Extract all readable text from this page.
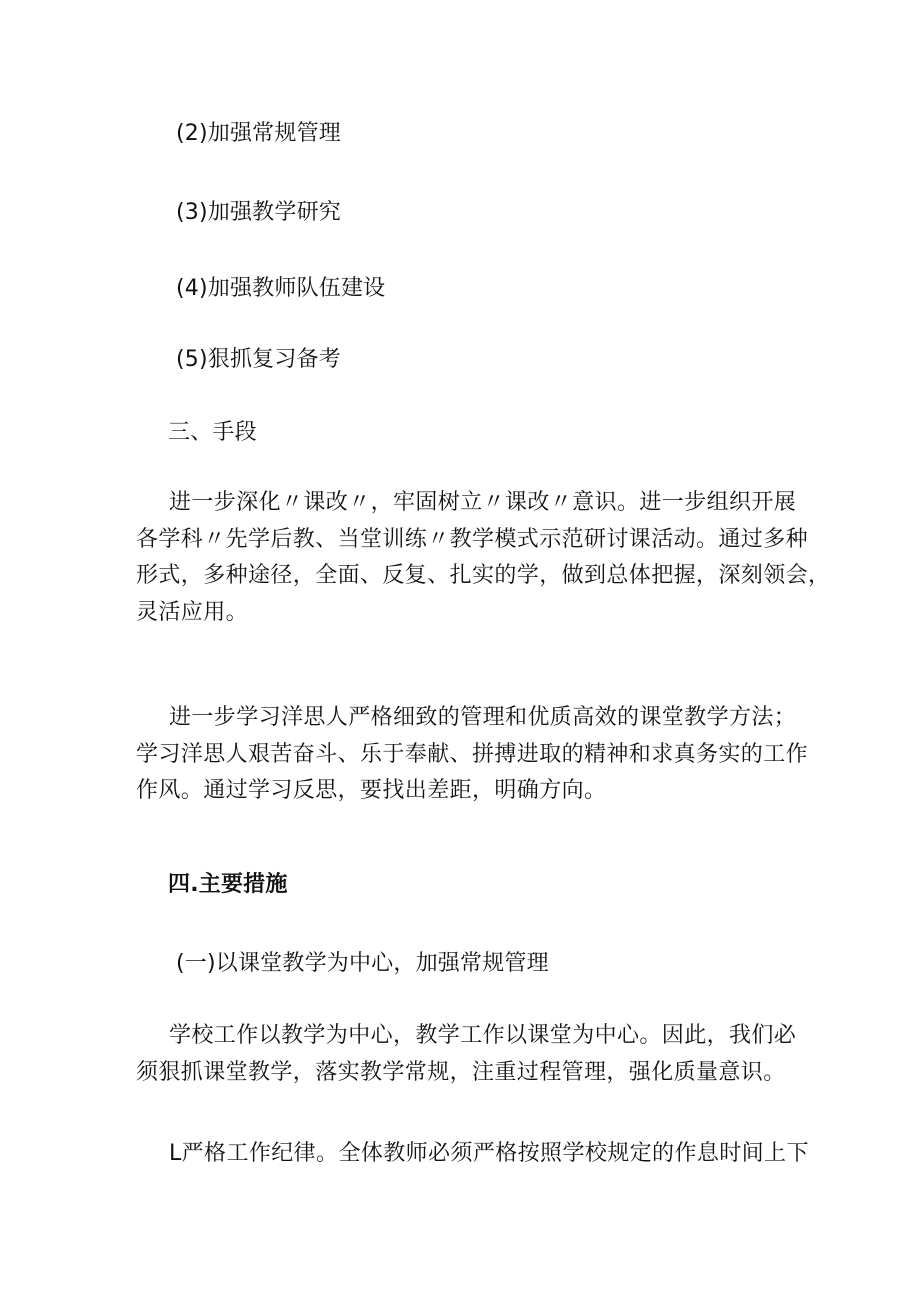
(2)加强常规管理
(3)加强教学研究
(4)加强教师队伍建设
(5)狠抓复习备考
三、手段
进一步深化〃课改〃，牢固树立〃课改〃意识。进一步组织开展
各学科〃先学后教、当堂训练〃教学模式示范研讨课活动。通过多种
形式，多种途径，全面、反复、扎实的学，做到总体把握，深刻领会，
灵活应用。
进一步学习洋思人严格细致的管理和优质高效的课堂教学方法；
学习洋思人艰苦奋斗、乐于奉献、拼搏进取的精神和求真务实的工作
作风。通过学习反思，要找出差距，明确方向。
四.主要措施
(一)以课堂教学为中心，加强常规管理
学校工作以教学为中心，教学工作以课堂为中心。因此，我们必
须狠抓课堂教学，落实教学常规，注重过程管理，强化质量意识。
L严格工作纪律。全体教师必须严格按照学校规定的作息时间上下
